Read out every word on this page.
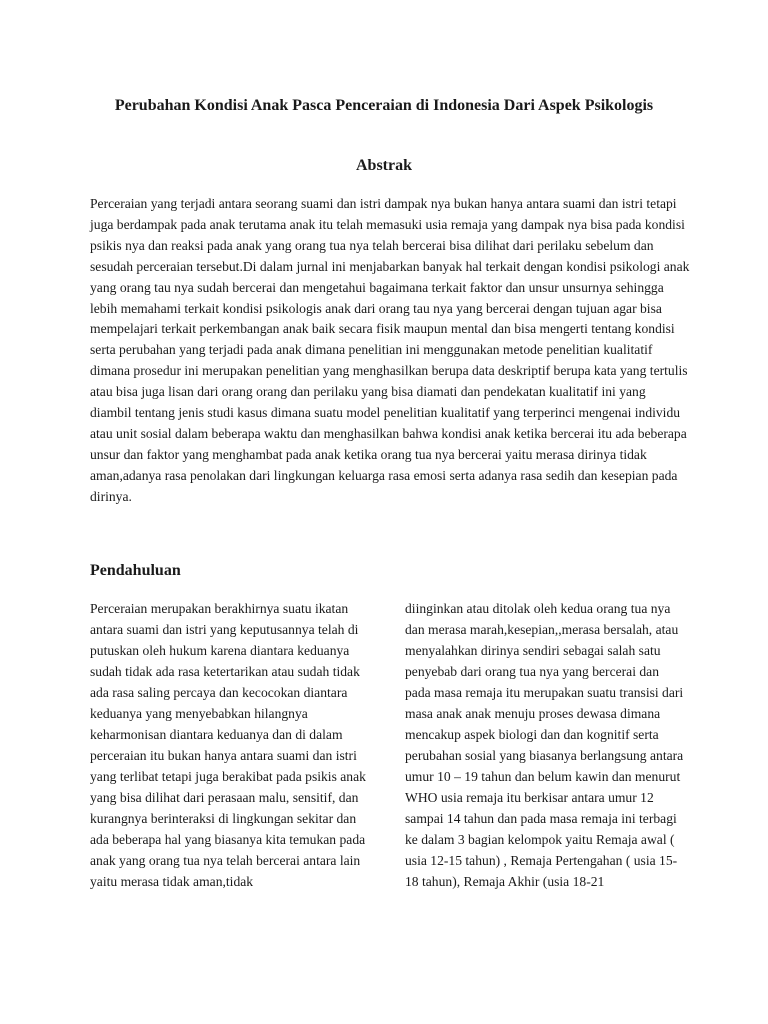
Perubahan Kondisi Anak Pasca Penceraian di Indonesia Dari Aspek Psikologis
Abstrak

Perceraian yang terjadi antara seorang suami dan istri dampak nya bukan hanya antara suami dan istri tetapi juga berdampak pada anak terutama anak itu telah memasuki usia remaja yang dampak nya bisa pada kondisi psikis nya dan reaksi pada anak yang orang tua nya telah bercerai bisa dilihat dari perilaku sebelum dan sesudah perceraian tersebut.Di dalam jurnal ini menjabarkan banyak hal terkait dengan kondisi psikologi anak yang orang tau nya sudah bercerai dan mengetahui bagaimana terkait faktor dan unsur unsurnya sehingga lebih memahami terkait kondisi psikologis anak dari orang tau nya yang bercerai dengan tujuan agar bisa mempelajari terkait perkembangan anak baik secara fisik maupun mental dan bisa mengerti tentang kondisi serta perubahan yang terjadi pada anak dimana penelitian ini menggunakan metode penelitian kualitatif dimana prosedur ini merupakan penelitian yang menghasilkan berupa data deskriptif berupa kata yang tertulis atau bisa juga lisan dari orang orang dan perilaku yang bisa diamati dan pendekatan kualitatif ini yang diambil tentang jenis studi kasus dimana suatu model penelitian kualitatif yang terperinci mengenai individu atau unit sosial dalam beberapa waktu dan menghasilkan bahwa kondisi anak ketika bercerai itu ada beberapa unsur dan faktor yang menghambat pada anak ketika orang tua nya bercerai yaitu merasa dirinya tidak aman,adanya rasa penolakan dari lingkungan keluarga rasa emosi serta adanya rasa sedih dan kesepian pada dirinya.

Pendahuluan

Perceraian merupakan berakhirnya suatu ikatan antara suami dan istri yang keputusannya telah di putuskan oleh hukum karena diantara keduanya sudah tidak ada rasa ketertarikan atau sudah tidak ada rasa saling percaya dan kecocokan diantara keduanya yang menyebabkan hilangnya keharmonisan diantara keduanya dan di dalam perceraian itu bukan hanya antara suami dan istri yang terlibat tetapi juga berakibat pada psikis anak yang bisa dilihat dari perasaan malu, sensitif, dan kurangnya berinteraksi di lingkungan sekitar dan ada beberapa hal yang biasanya kita temukan pada anak yang orang tua nya telah bercerai antara lain yaitu merasa tidak aman,tidak

diinginkan atau ditolak oleh kedua orang tua nya dan merasa marah,kesepian,,merasa bersalah, atau menyalahkan dirinya sendiri sebagai salah satu penyebab dari orang tua nya yang bercerai dan pada masa remaja itu merupakan suatu transisi dari masa anak anak menuju proses dewasa dimana mencakup aspek biologi dan dan kognitif serta perubahan sosial yang biasanya berlangsung antara umur 10 – 19 tahun dan belum kawin dan menurut WHO usia remaja itu berkisar antara umur 12 sampai 14 tahun dan pada masa remaja ini terbagi ke dalam 3 bagian kelompok yaitu Remaja awal ( usia 12-15 tahun) , Remaja Pertengahan ( usia 15-18 tahun), Remaja Akhir (usia 18-21
